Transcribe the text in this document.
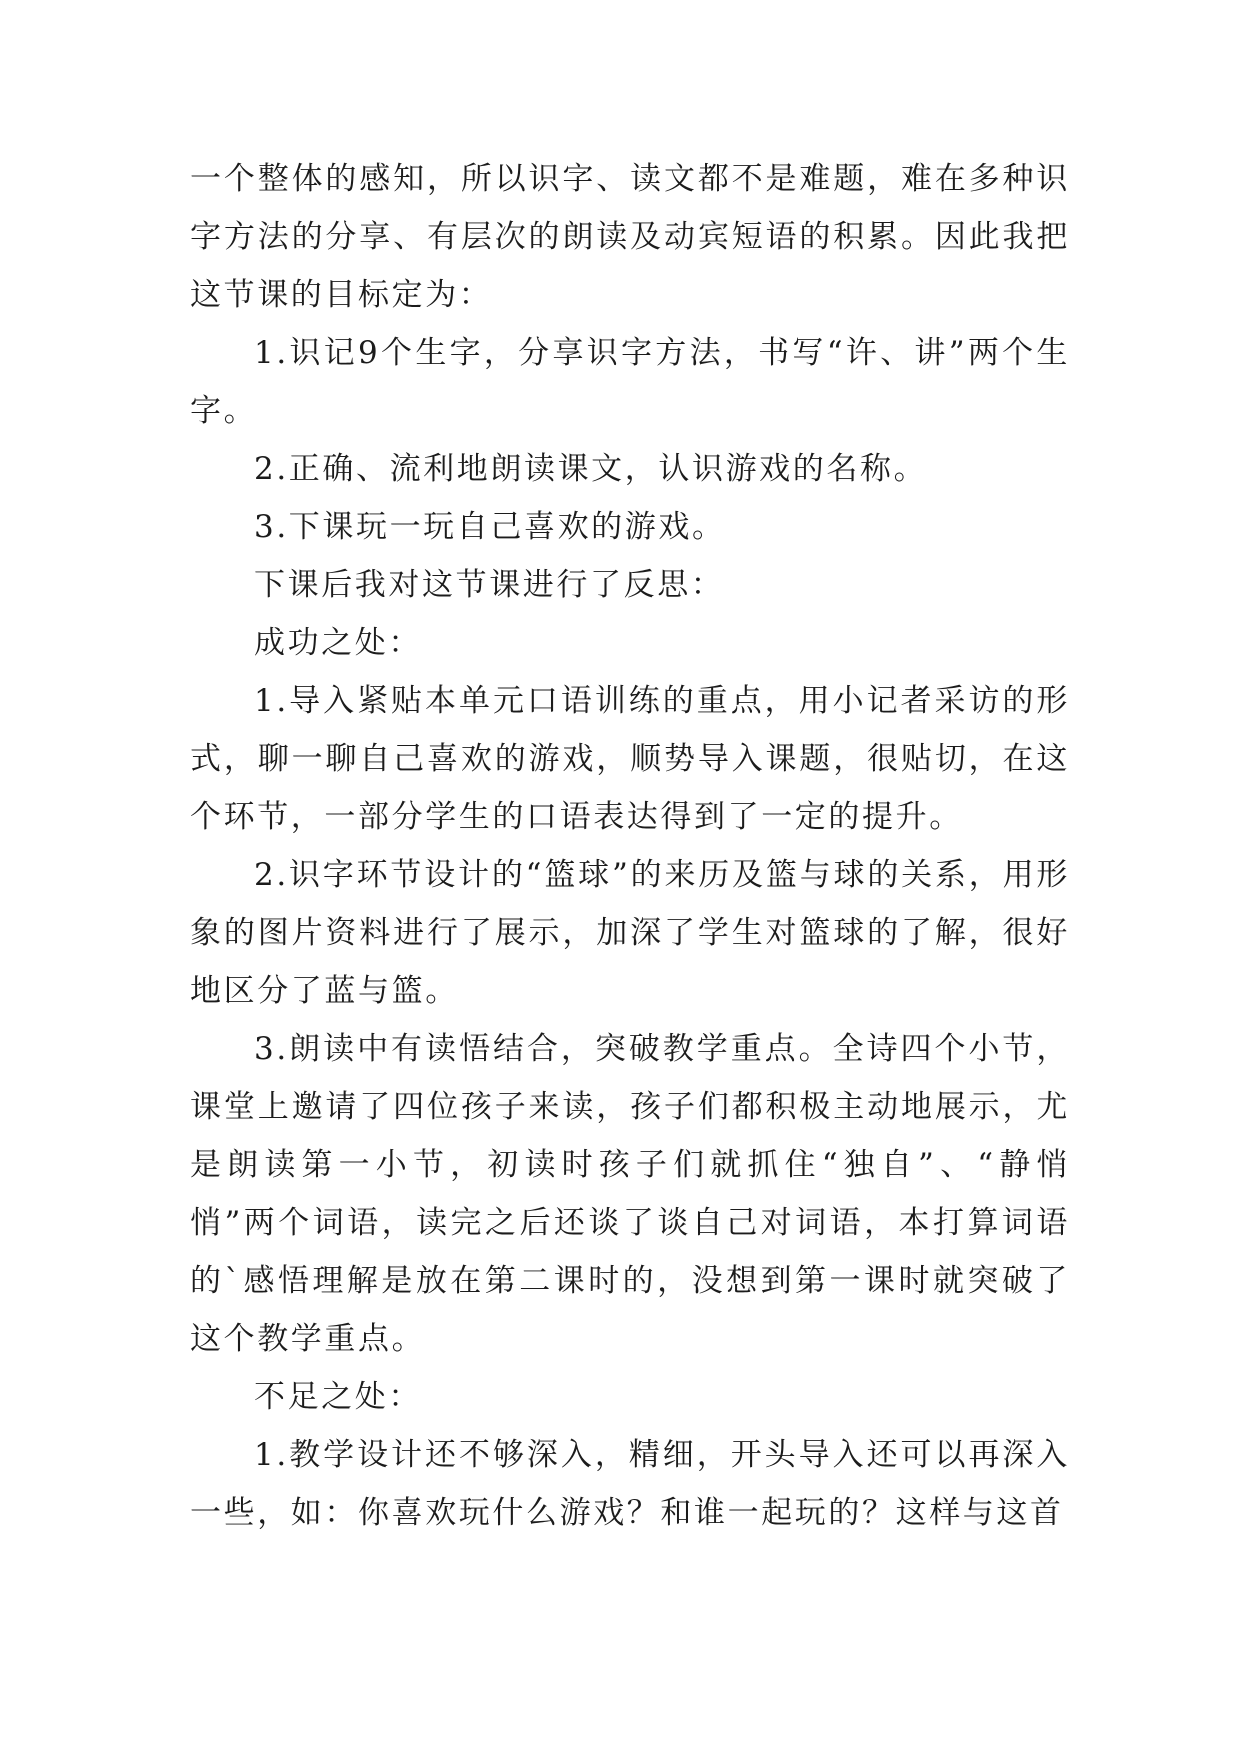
一个整体的感知，所以识字、读文都不是难题，难在多种识字方法的分享、有层次的朗读及动宾短语的积累。因此我把这节课的目标定为：

1.识记9个生字，分享识字方法，书写“许、讲”两个生字。

2.正确、流利地朗读课文，认识游戏的名称。

3.下课玩一玩自己喜欢的游戏。

下课后我对这节课进行了反思：

成功之处：

1.导入紧贴本单元口语训练的重点，用小记者采访的形式，聊一聊自己喜欢的游戏，顺势导入课题，很贴切，在这个环节，一部分学生的口语表达得到了一定的提升。

2.识字环节设计的“篮球”的来历及篮与球的关系，用形象的图片资料进行了展示，加深了学生对篮球的了解，很好地区分了蓝与篮。

3.朗读中有读悟结合，突破教学重点。全诗四个小节，课堂上邀请了四位孩子来读，孩子们都积极主动地展示，尤是朗读第一小节，初读时孩子们就抓住“独自”、“静悄悄”两个词语，读完之后还谈了谈自己对词语，本打算词语的`感悟理解是放在第二课时的，没想到第一课时就突破了这个教学重点。

不足之处：

1.教学设计还不够深入，精细，开头导入还可以再深入一些，如：你喜欢玩什么游戏？和谁一起玩的？这样与这首
